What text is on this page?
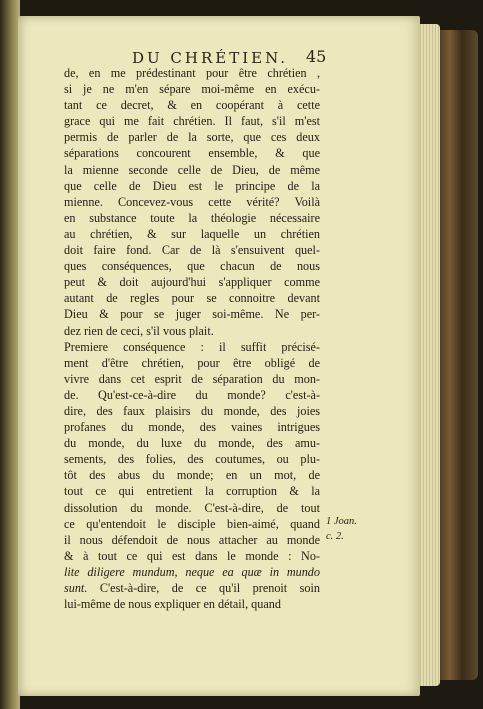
DU CHRÉTIEN.	45
de, en me prédestinant pour être chrétien ,
si je ne m'en sépare moi-même en exécu-
tant ce decret, & en coopérant à cette
grace qui me fait chrétien. Il faut, s'il m'est
permis de parler de la sorte, que ces deux
séparations concourent ensemble, & que
la mienne seconde celle de Dieu, de même
que celle de Dieu est le principe de la
mienne. Concevez-vous cette vérité? Voilà
en substance toute la théologie nécessaire
au chrétien, & sur laquelle un chrétien
doit faire fond. Car de là s'ensuivent quel-
ques conséquences, que chacun de nous
peut & doit aujourd'hui s'appliquer comme
autant de regles pour se connoitre devant
Dieu & pour se juger soi-même. Ne per-
dez rien de ceci, s'il vous plait.
Premiere conséquence : il suffit précisé-
ment d'être chrétien, pour être obligé de
vivre dans cet esprit de séparation du mon-
de. Qu'est-ce-à-dire du monde? c'est-à-
dire, des faux plaisirs du monde, des joies
profanes du monde, des vaines intrigues
du monde, du luxe du monde, des amu-
sements, des folies, des coutumes, ou plu-
tôt des abus du monde; en un mot, de
tout ce qui entretient la corruption & la
dissolution du monde. C'est-à-dire, de tout
ce qu'entendoit le disciple bien-aimé, quand
il nous défendoit de nous attacher au monde
& à tout ce qui est dans le monde : No-
lite diligere mundum, neque ea quæ in mundo
sunt. C'est-à-dire, de ce qu'il prenoit soin
lui-même de nous expliquer en détail, quand
1 Joan.
c. 2.
